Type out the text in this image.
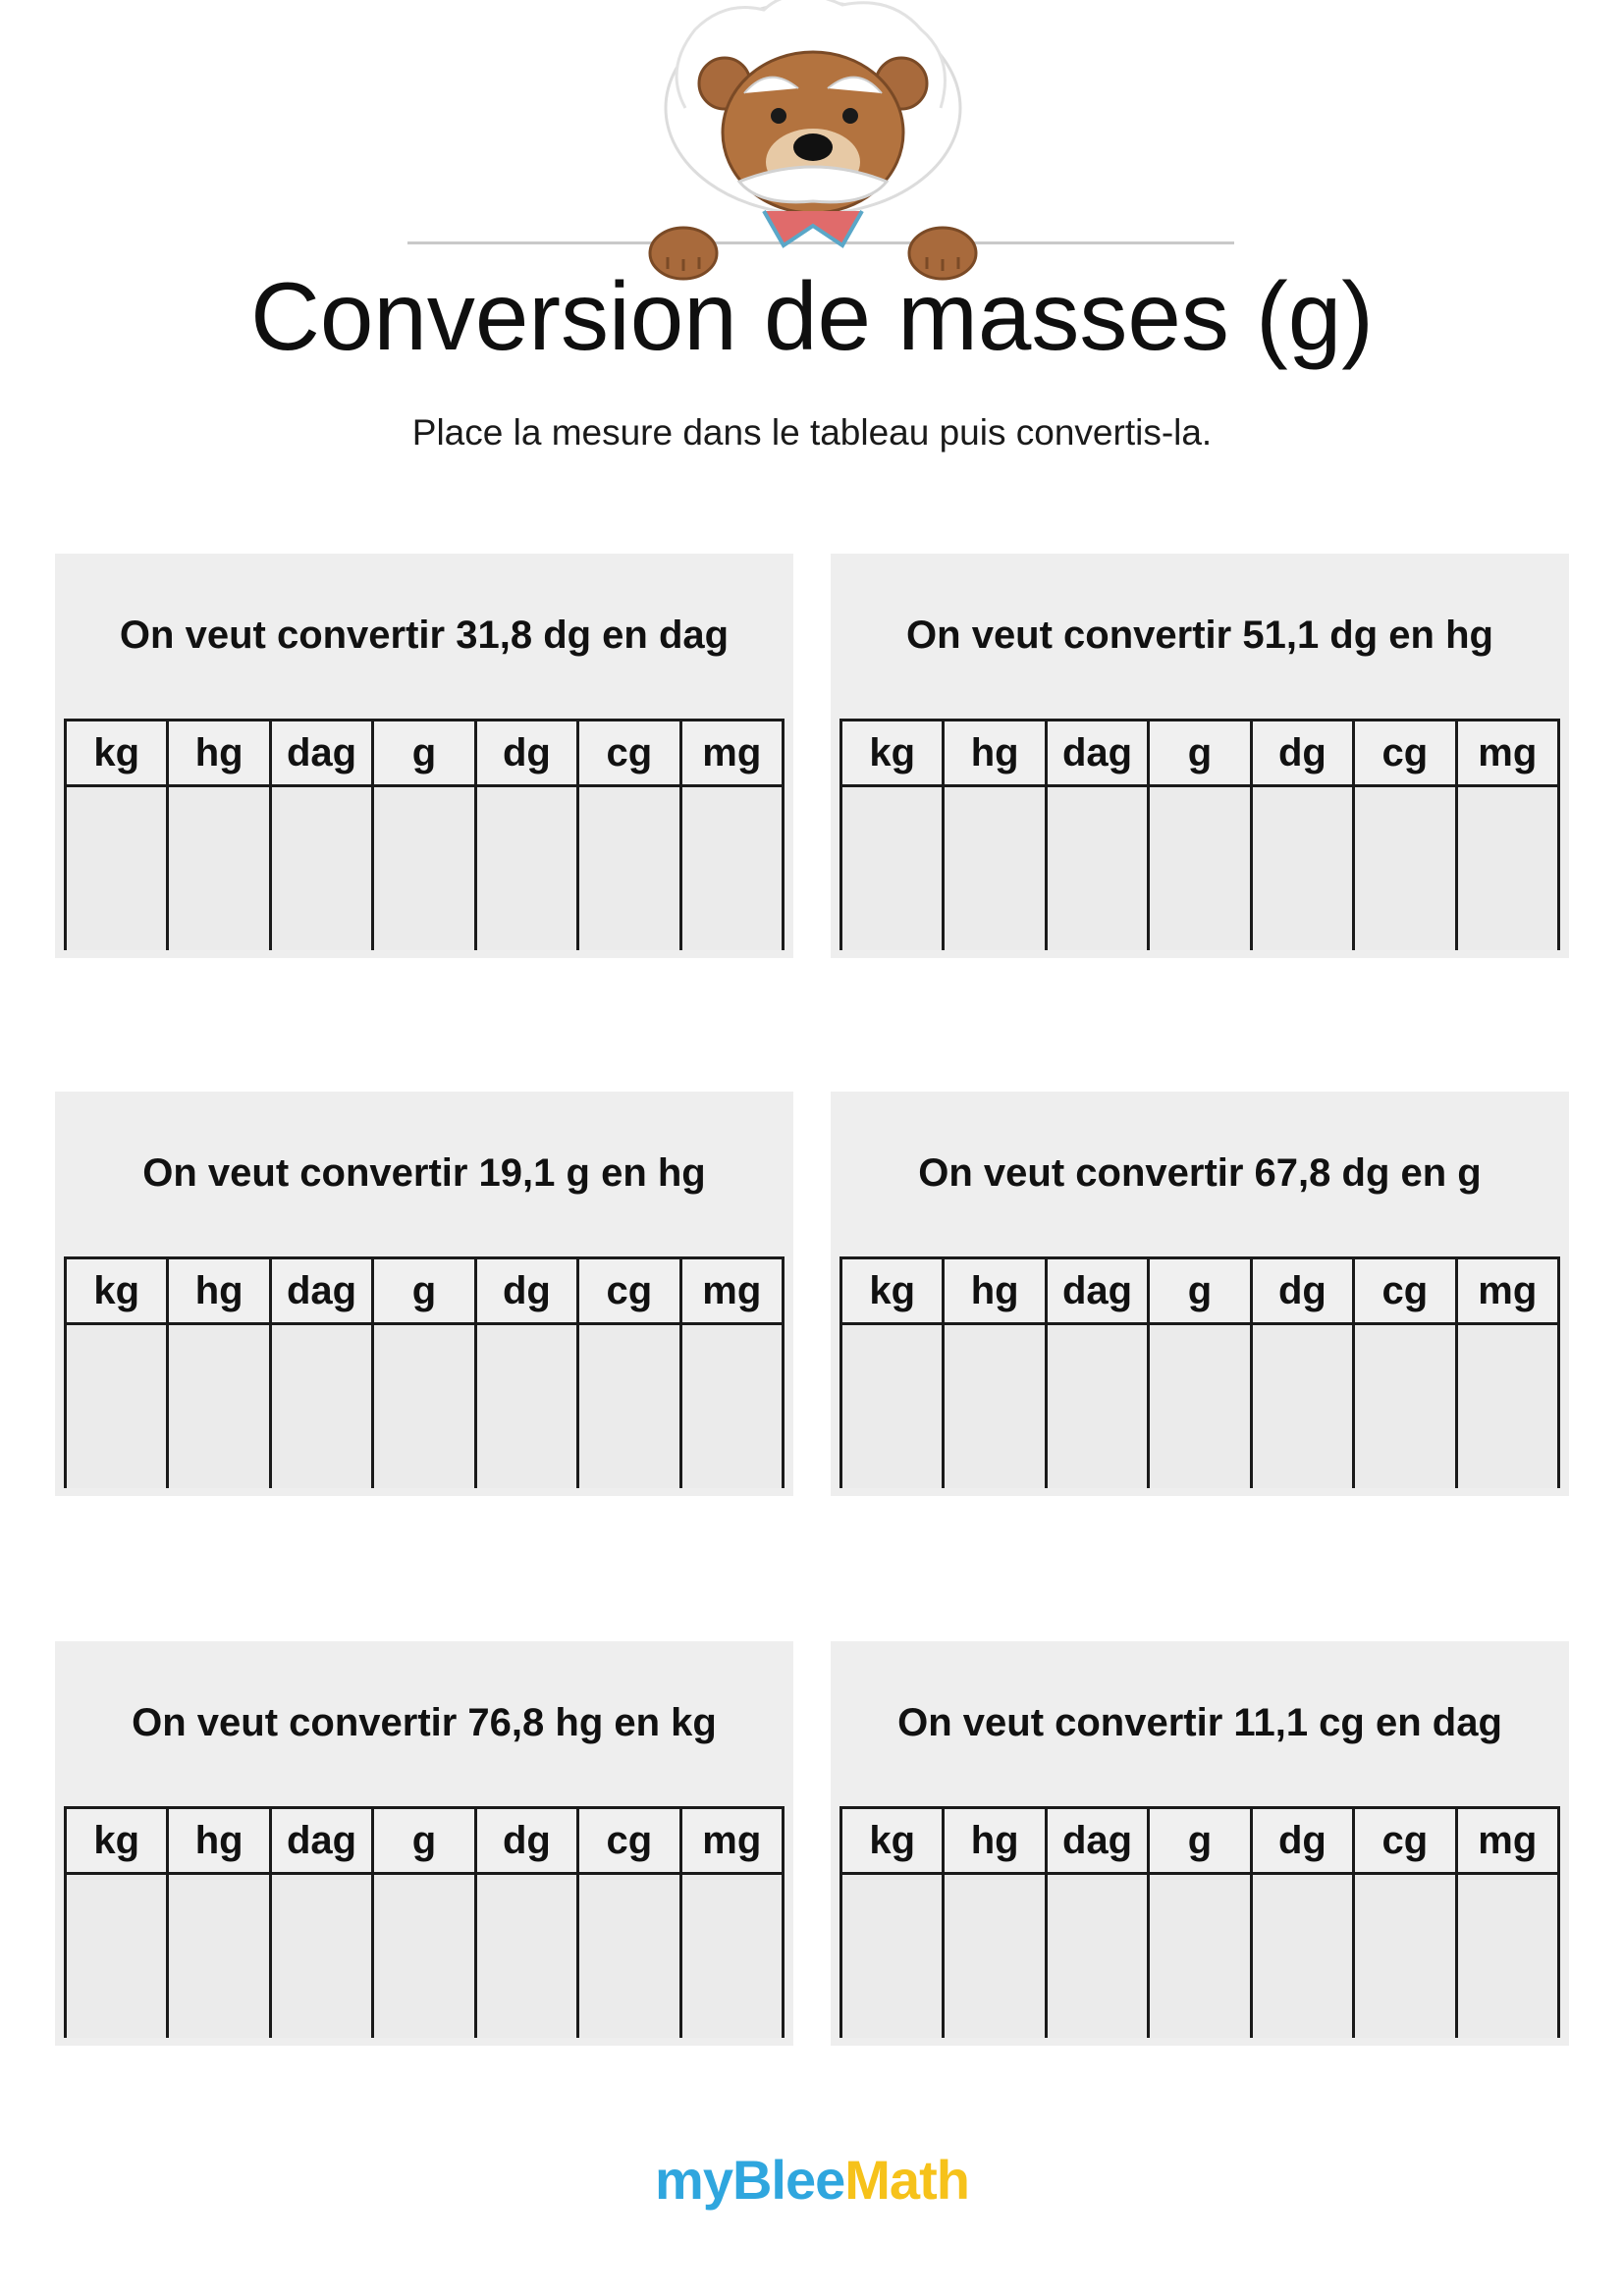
Conversion de masses (g)
Place la mesure dans le tableau puis convertis-la.
On veut convertir 31,8 dg en dag
kg	hg	dag	g	dg	cg	mg

On veut convertir 51,1 dg en hg
kg	hg	dag	g	dg	cg	mg

On veut convertir 19,1 g en hg
kg	hg	dag	g	dg	cg	mg

On veut convertir 67,8 dg en g
kg	hg	dag	g	dg	cg	mg

On veut convertir 76,8 hg en kg
kg	hg	dag	g	dg	cg	mg

On veut convertir 11,1 cg en dag
kg	hg	dag	g	dg	cg	mg

myBleeMath
